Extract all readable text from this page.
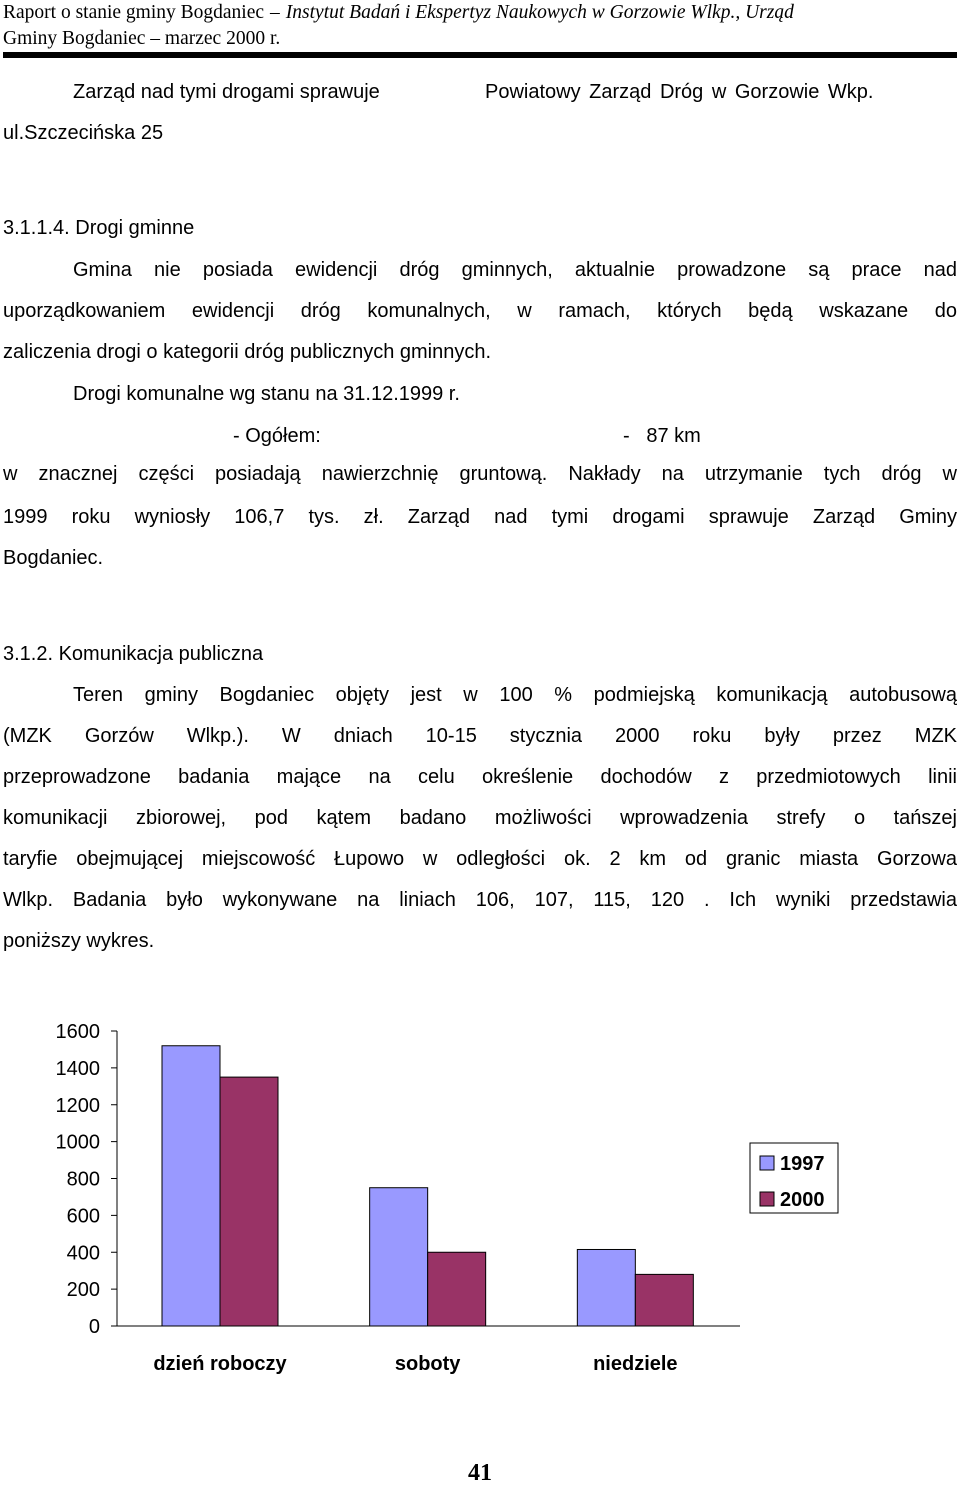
Raport o stanie gminy Bogdaniec – Instytut Badań i Ekspertyz Naukowych w Gorzowie Wlkp., Urząd
Gminy Bogdaniec – marzec 2000 r.
Zarząd nad tymi drogami sprawuje	Powiatowy Zarząd Dróg w Gorzowie Wkp.
ul.Szczecińska 25
3.1.1.4. Drogi gminne
Gmina nie posiada ewidencji dróg gminnych, aktualnie prowadzone są prace nad
uporządkowaniem ewidencji dróg komunalnych, w ramach, których będą wskazane do
zaliczenia drogi o kategorii dróg publicznych gminnych.
Drogi komunalne wg stanu na 31.12.1999 r.
- Ogółem:	-   87 km
w znacznej części posiadają nawierzchnię gruntową. Nakłady na utrzymanie tych dróg w
1999 roku wyniosły 106,7 tys. zł. Zarząd nad tymi drogami sprawuje Zarząd Gminy
Bogdaniec.
3.1.2. Komunikacja publiczna
Teren gminy Bogdaniec objęty jest w 100 % podmiejską komunikacją autobusową
(MZK Gorzów Wlkp.). W dniach 10-15 stycznia 2000 roku były przez MZK
przeprowadzone badania mające na celu określenie dochodów z przedmiotowych linii
komunikacji zbiorowej, pod kątem badano możliwości wprowadzenia strefy o tańszej
taryfie obejmującej miejscowość Łupowo w odległości ok. 2 km od granic miasta Gorzowa
Wlkp. Badania było wykonywane na liniach 106, 107, 115, 120 . Ich wyniki przedstawia
poniższy wykres.
0
200
400
600
800
1000
1200
1400
1600
dzień roboczy	soboty	niedziele
1997
2000
41
